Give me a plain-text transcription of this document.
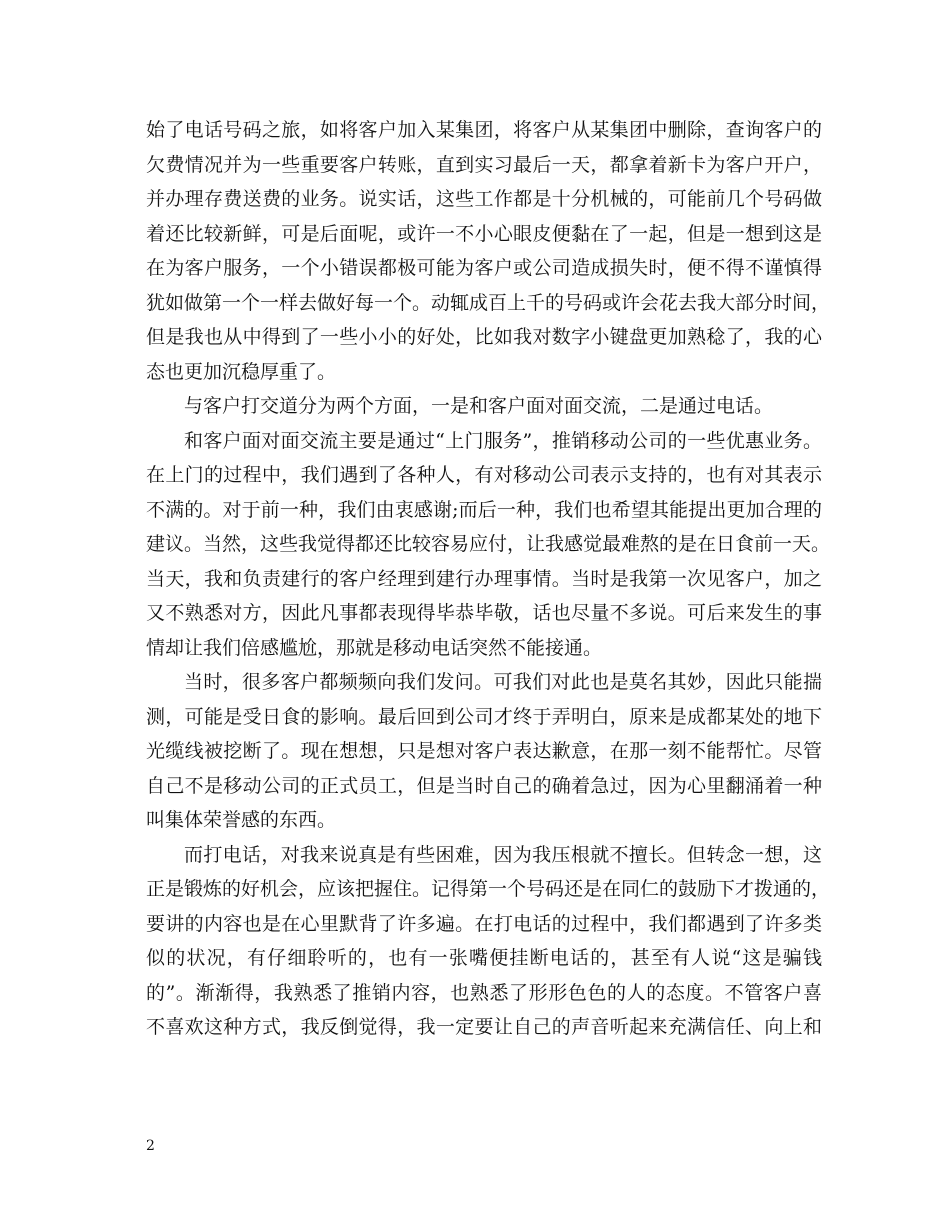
始了电话号码之旅，如将客户加入某集团，将客户从某集团中删除，查询客户的
欠费情况并为一些重要客户转账，直到实习最后一天，都拿着新卡为客户开户，
并办理存费送费的业务。说实话，这些工作都是十分机械的，可能前几个号码做
着还比较新鲜，可是后面呢，或许一不小心眼皮便黏在了一起，但是一想到这是
在为客户服务，一个小错误都极可能为客户或公司造成损失时，便不得不谨慎得
犹如做第一个一样去做好每一个。动辄成百上千的号码或许会花去我大部分时间，
但是我也从中得到了一些小小的好处，比如我对数字小键盘更加熟稔了，我的心
态也更加沉稳厚重了。
与客户打交道分为两个方面，一是和客户面对面交流，二是通过电话。
和客户面对面交流主要是通过“上门服务”，推销移动公司的一些优惠业务。
在上门的过程中，我们遇到了各种人，有对移动公司表示支持的，也有对其表示
不满的。对于前一种，我们由衷感谢;而后一种，我们也希望其能提出更加合理的
建议。当然，这些我觉得都还比较容易应付，让我感觉最难熬的是在日食前一天。
当天，我和负责建行的客户经理到建行办理事情。当时是我第一次见客户，加之
又不熟悉对方，因此凡事都表现得毕恭毕敬，话也尽量不多说。可后来发生的事
情却让我们倍感尴尬，那就是移动电话突然不能接通。
当时，很多客户都频频向我们发问。可我们对此也是莫名其妙，因此只能揣
测，可能是受日食的影响。最后回到公司才终于弄明白，原来是成都某处的地下
光缆线被挖断了。现在想想，只是想对客户表达歉意，在那一刻不能帮忙。尽管
自己不是移动公司的正式员工，但是当时自己的确着急过，因为心里翻涌着一种
叫集体荣誉感的东西。
而打电话，对我来说真是有些困难，因为我压根就不擅长。但转念一想，这
正是锻炼的好机会，应该把握住。记得第一个号码还是在同仁的鼓励下才拨通的，
要讲的内容也是在心里默背了许多遍。在打电话的过程中，我们都遇到了许多类
似的状况，有仔细聆听的，也有一张嘴便挂断电话的，甚至有人说“这是骗钱
的”。渐渐得，我熟悉了推销内容，也熟悉了形形色色的人的态度。不管客户喜
不喜欢这种方式，我反倒觉得，我一定要让自己的声音听起来充满信任、向上和
2
